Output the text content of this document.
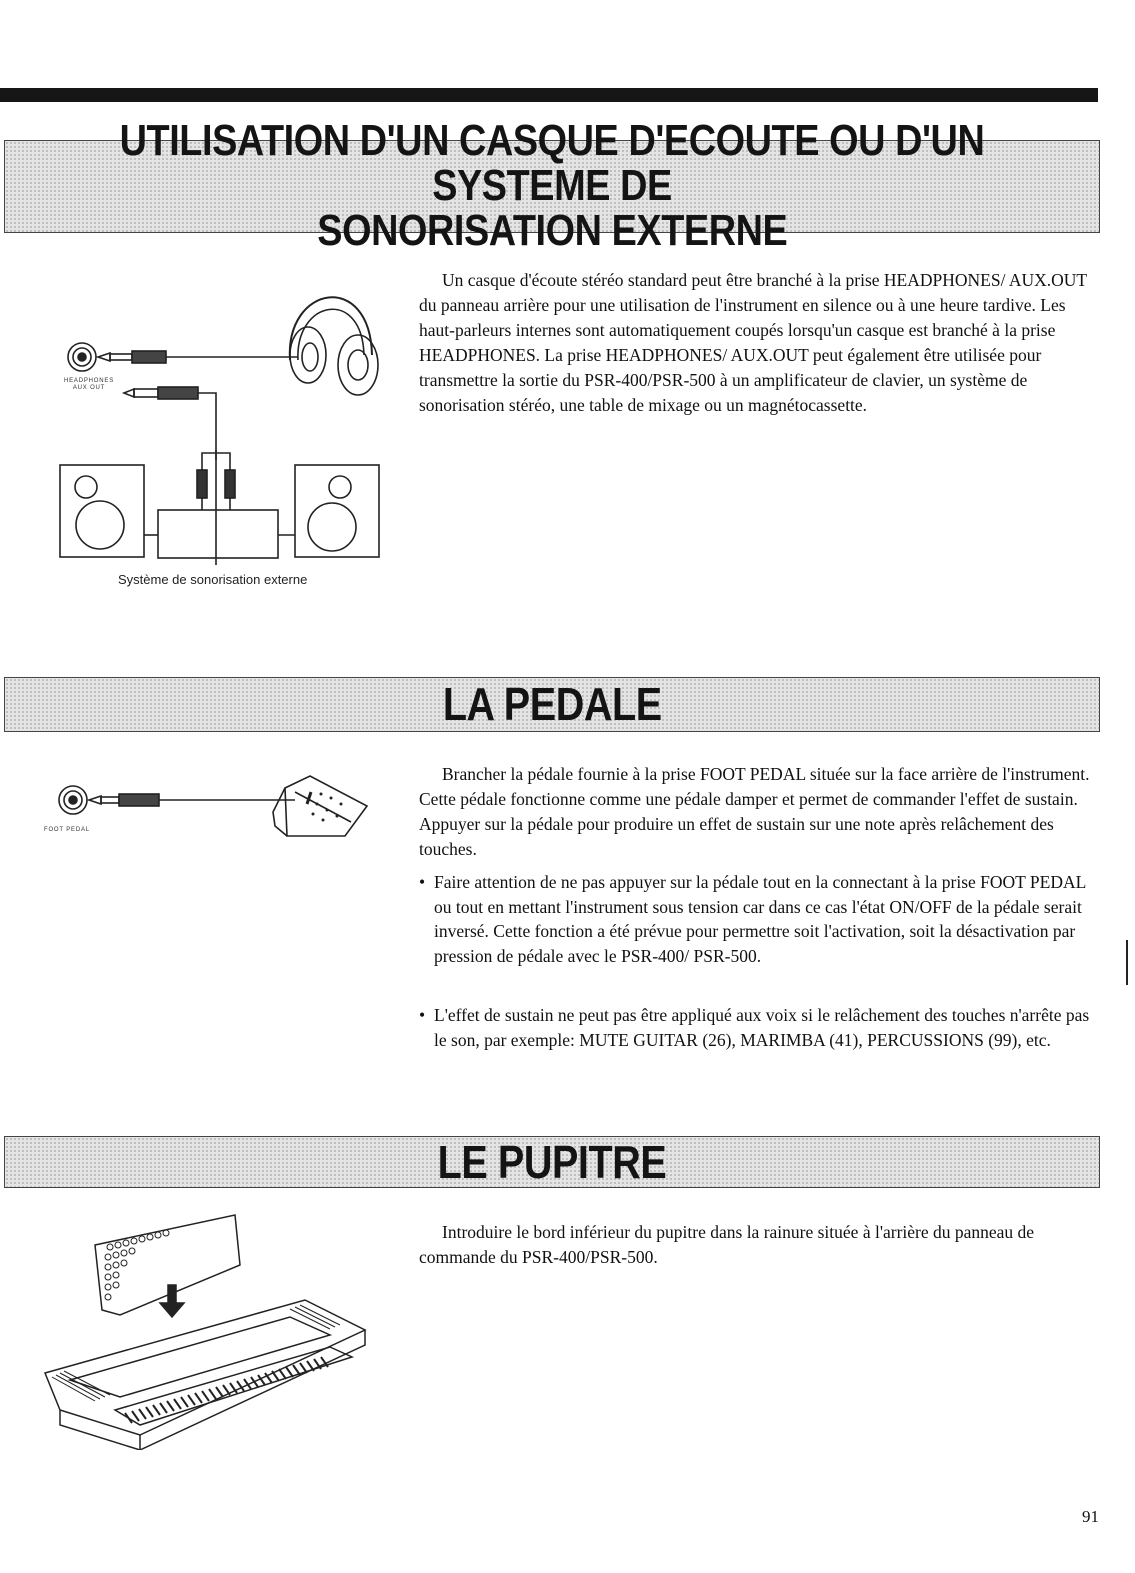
UTILISATION D'UN CASQUE D'ECOUTE OU D'UN SYSTEME DE
SONORISATION EXTERNE
HEADPHONES
AUX OUT
Système de sonorisation externe

Un casque d'écoute stéréo standard peut être branché à la prise HEADPHONES/ AUX.OUT du panneau arrière pour une utilisation de l'instrument en silence ou à une heure tardive. Les haut-parleurs internes sont automatiquement coupés lorsqu'un casque est branché à la prise HEADPHONES. La prise HEADPHONES/ AUX.OUT peut également être utilisée pour transmettre la sortie du PSR-400/PSR-500 à un amplificateur de clavier, un système de sonorisation stéréo, une table de mixage ou un magnétocassette.

LA PEDALE
FOOT PEDAL

Brancher la pédale fournie à la prise FOOT PEDAL située sur la face arrière de l'instrument. Cette pédale fonctionne comme une pédale damper et permet de commander l'effet de sustain. Appuyer sur la pédale pour produire un effet de sustain sur une note après relâchement des touches.

• Faire attention de ne pas appuyer sur la pédale tout en la connectant à la prise FOOT PEDAL ou tout en mettant l'instrument sous tension car dans ce cas l'état ON/OFF de la pédale serait inversé. Cette fonction a été prévue pour permettre soit l'activation, soit la désactivation par pression de pédale avec le PSR-400/ PSR-500.

• L'effet de sustain ne peut pas être appliqué aux voix si le relâchement des touches n'arrête pas le son, par exemple: MUTE GUITAR (26), MARIMBA (41), PERCUSSIONS (99), etc.

LE PUPITRE

Introduire le bord inférieur du pupitre dans la rainure située à l'arrière du panneau de commande du PSR-400/PSR-500.

91
